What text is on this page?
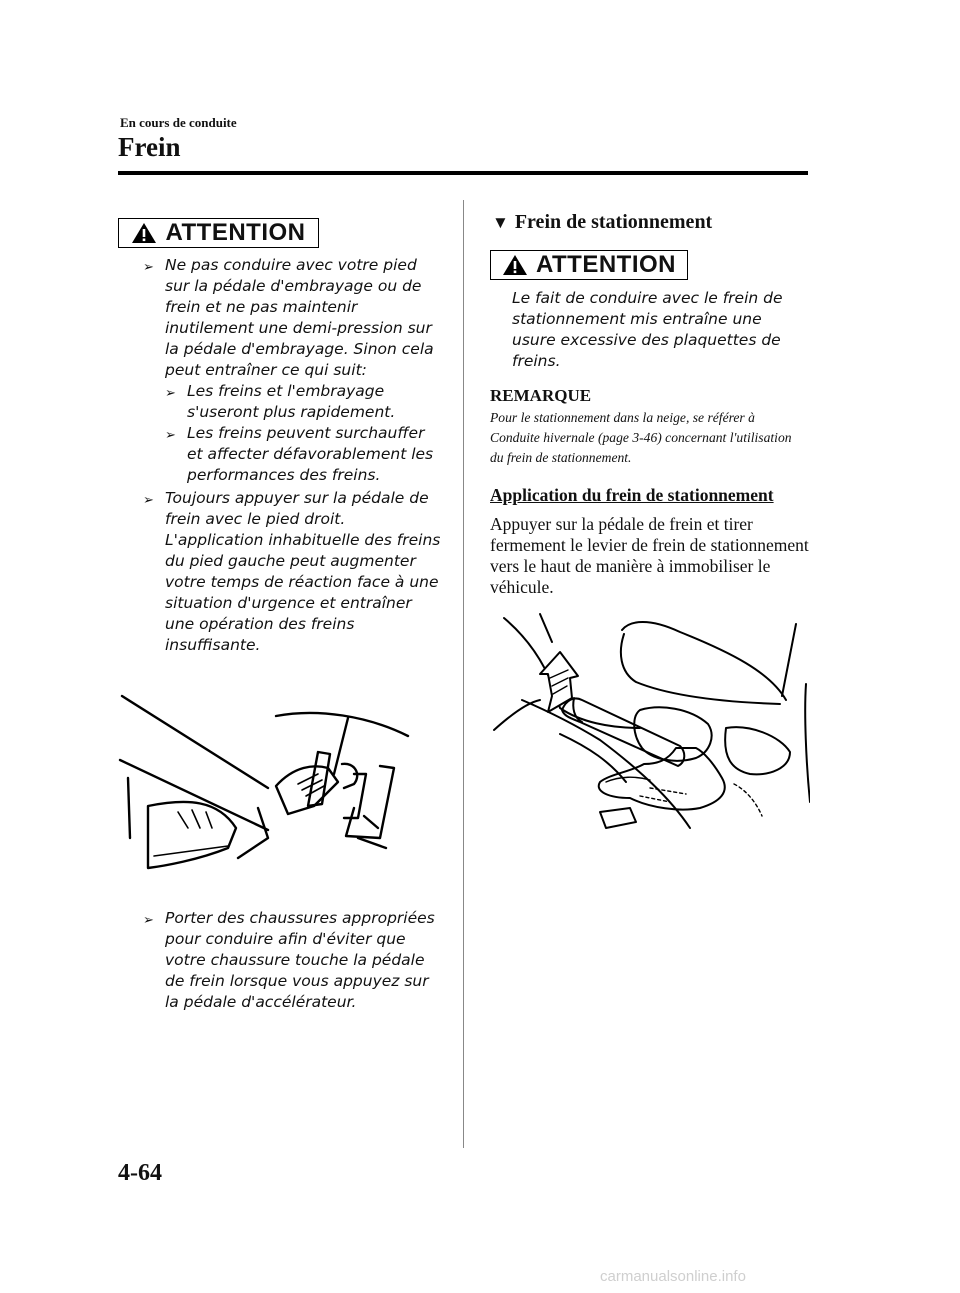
En cours de conduite
Frein
ATTENTION
➢ Ne pas conduire avec votre pied sur la pédale d'embrayage ou de frein et ne pas maintenir inutilement une demi-pression sur la pédale d'embrayage. Sinon cela peut entraîner ce qui suit:
➢ Les freins et l'embrayage s'useront plus rapidement.
➢ Les freins peuvent surchauffer et affecter défavorablement les performances des freins.
➢ Toujours appuyer sur la pédale de frein avec le pied droit. L'application inhabituelle des freins du pied gauche peut augmenter votre temps de réaction face à une situation d'urgence et entraîner une opération des freins insuffisante.
➢ Porter des chaussures appropriées pour conduire afin d'éviter que votre chaussure touche la pédale de frein lorsque vous appuyez sur la pédale d'accélérateur.
▼ Frein de stationnement
ATTENTION
Le fait de conduire avec le frein de stationnement mis entraîne une usure excessive des plaquettes de freins.
REMARQUE
Pour le stationnement dans la neige, se référer à Conduite hivernale (page 3-46) concernant l'utilisation du frein de stationnement.
Application du frein de stationnement
Appuyer sur la pédale de frein et tirer fermement le levier de frein de stationnement vers le haut de manière à immobiliser le véhicule.
4-64
carmanualsonline.info
